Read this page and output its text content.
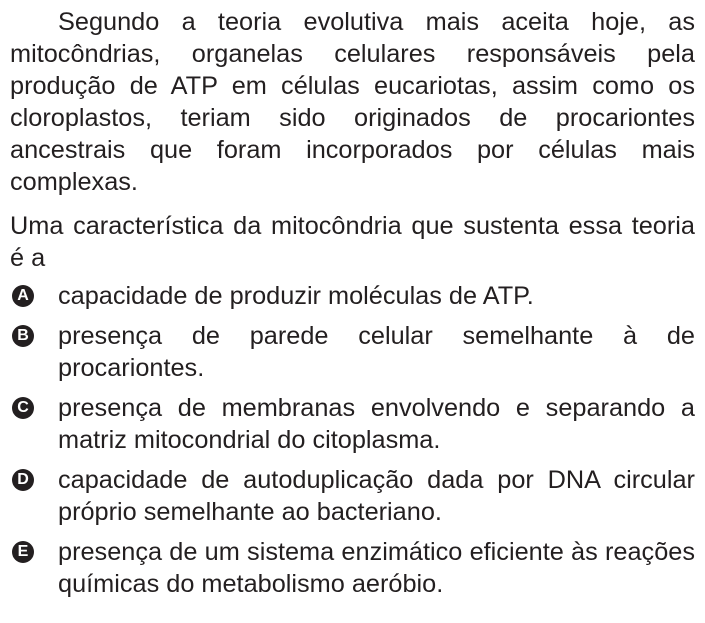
Segundo a teoria evolutiva mais aceita hoje, as mitocôndrias, organelas celulares responsáveis pela produção de ATP em células eucariotas, assim como os cloroplastos, teriam sido originados de procariontes ancestrais que foram incorporados por células mais complexas.

Uma característica da mitocôndria que sustenta essa teoria é a

A capacidade de produzir moléculas de ATP.
B presença de parede celular semelhante à de procariontes.
C presença de membranas envolvendo e separando a matriz mitocondrial do citoplasma.
D capacidade de autoduplicação dada por DNA circular próprio semelhante ao bacteriano.
E presença de um sistema enzimático eficiente às reações químicas do metabolismo aeróbio.
